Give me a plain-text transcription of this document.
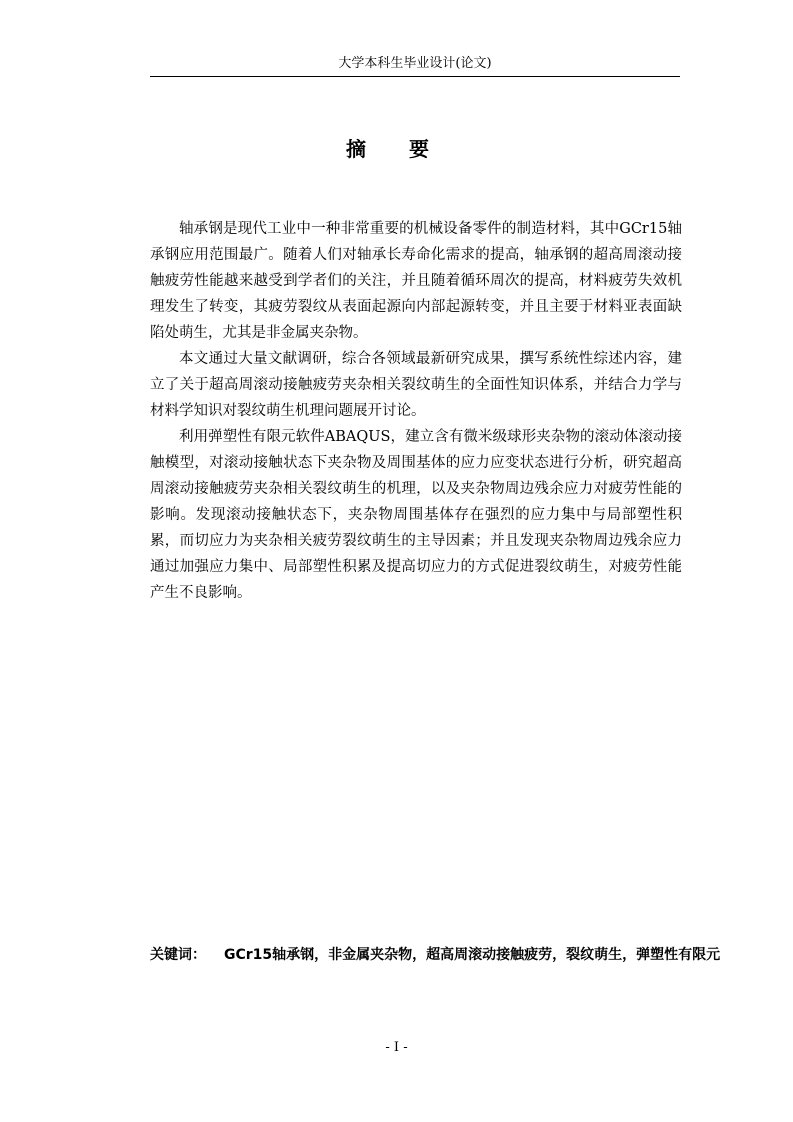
大学本科生毕业设计(论文)
摘 要

轴承钢是现代工业中一种非常重要的机械设备零件的制造材料，其中GCr15轴承钢应用范围最广。随着人们对轴承长寿命化需求的提高，轴承钢的超高周滚动接触疲劳性能越来越受到学者们的关注，并且随着循环周次的提高，材料疲劳失效机理发生了转变，其疲劳裂纹从表面起源向内部起源转变，并且主要于材料亚表面缺陷处萌生，尤其是非金属夹杂物。

本文通过大量文献调研，综合各领域最新研究成果，撰写系统性综述内容，建立了关于超高周滚动接触疲劳夹杂相关裂纹萌生的全面性知识体系，并结合力学与材料学知识对裂纹萌生机理问题展开讨论。

利用弹塑性有限元软件ABAQUS，建立含有微米级球形夹杂物的滚动体滚动接触模型，对滚动接触状态下夹杂物及周围基体的应力应变状态进行分析，研究超高周滚动接触疲劳夹杂相关裂纹萌生的机理，以及夹杂物周边残余应力对疲劳性能的影响。发现滚动接触状态下，夹杂物周围基体存在强烈的应力集中与局部塑性积累，而切应力为夹杂相关疲劳裂纹萌生的主导因素；并且发现夹杂物周边残余应力通过加强应力集中、局部塑性积累及提高切应力的方式促进裂纹萌生，对疲劳性能产生不良影响。

关键词：	GCr15轴承钢，非金属夹杂物，超高周滚动接触疲劳，裂纹萌生，弹塑性有限元
- I -
